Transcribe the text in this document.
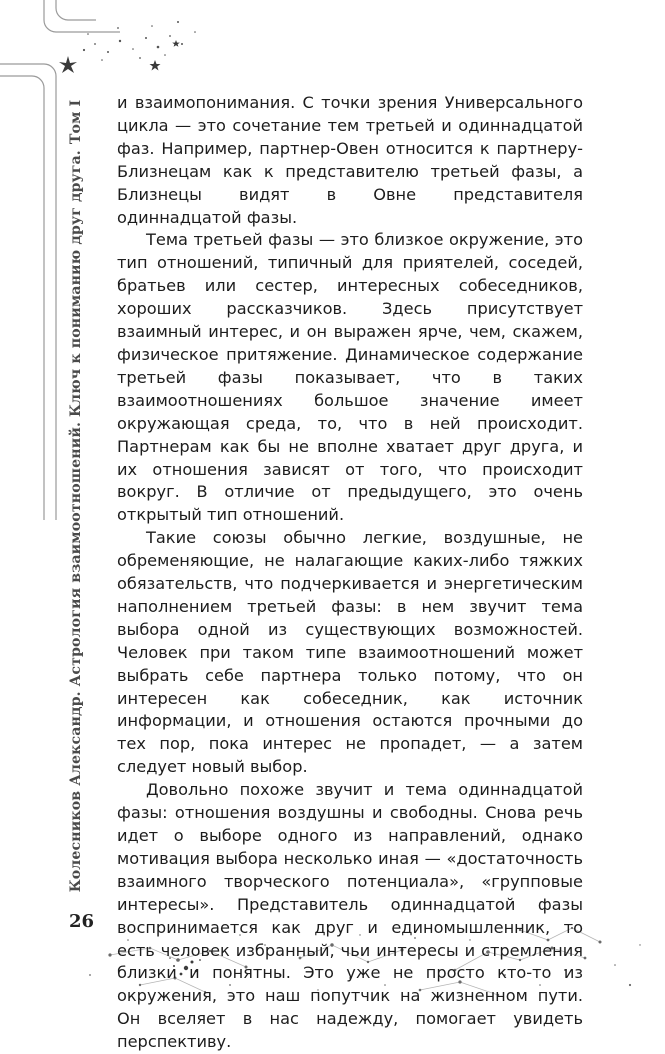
Колесников Александр. Астрология взаимоотношений. Ключ к пониманию друг друга.Том I и взаимопонимания. С точки зрения Универсального цикла — это сочетание тем третьей и одиннадцатой фаз. Например, партнер-Овен относится к партнеру-Близнецам как к представителю третьей фазы, а Близнецы видят в Овне представителя одиннадцатой фазы.

Тема третьей фазы — это близкое окружение, это тип отношений, типичный для приятелей, соседей, братьев или сестер, интересных собеседников, хороших рассказчиков. Здесь присутствует взаимный интерес, и он выражен ярче, чем, скажем, физическое притяжение. Динамическое содержание третьей фазы показывает, что в таких взаимоотношениях большое значение имеет окружающая среда, то, что в ней происходит. Партнерам как бы не вполне хватает друг друга, и их отношения зависят от того, что происходит вокруг. В отличие от предыдущего, это очень открытый тип отношений.

Такие союзы обычно легкие, воздушные, не обременяющие, не налагающие каких-либо тяжких обязательств, что подчеркивается и энергетическим наполнением третьей фазы: в нем звучит тема выбора одной из существующих возможностей. Человек при таком типе взаимоотношений может выбрать себе партнера только потому, что он интересен как собеседник, как источник информации, и отношения остаются прочными до тех пор, пока интерес не пропадет, — а затем следует новый выбор.

Довольно похоже звучит и тема одиннадцатой фазы: отношения воздушны и свободны. Снова речь идет о выборе одного из направлений, однако мотивация выбора несколько иная — «достаточность взаимного творческого потенциала», «групповые интересы». Представитель одиннадцатой фазы воспринимается как друг и единомышленник, то есть человек избранный, чьи интересы и стремления близки и понятны. Это уже не просто кто-то из окружения, это наш попутчик на жизненном пути. Он вселяет в нас надежду, помогает увидеть перспективу.

26
